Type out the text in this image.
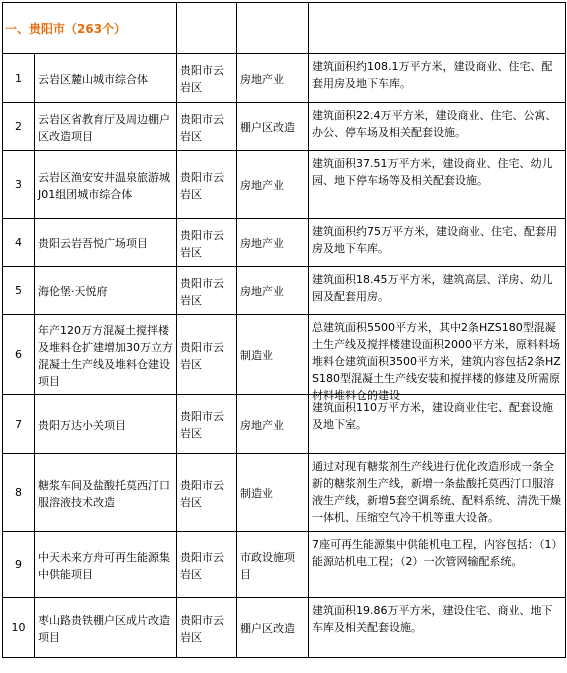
一、贵阳市（263个）				
1	云岩区麓山城市综合体	贵阳市云岩区	房地产业	建筑面积约108.1万平方米，建设商业、住宅、配套用房及地下车库。
2	云岩区省教育厅及周边棚户区改造项目	贵阳市云岩区	棚户区改造	建筑面积22.4万平方米，建设商业、住宅、公寓、办公、停车场及相关配套设施。
3	云岩区渔安安井温泉旅游城J01组团城市综合体	贵阳市云岩区	房地产业	建筑面积37.51万平方米，建设商业、住宅、幼儿园、地下停车场等及相关配套设施。
4	贵阳云岩吾悦广场项目	贵阳市云岩区	房地产业	建筑面积约75万平方米，建设商业、住宅、配套用房及地下车库。
5	海伦堡·天悦府	贵阳市云岩区	房地产业	建筑面积18.45万平方米，建筑高层、洋房、幼儿园及配套用房。
6	年产120万方混凝土搅拌楼及堆料仓扩建增加30万立方混凝土生产线及堆料仓建设项目	贵阳市云岩区	制造业	总建筑面积5500平方米，其中2条HZS180型混凝土生产线及搅拌楼建设面积2000平方米，原料料场堆料仓建筑面积3500平方米，建筑内容包括2条HZS180型混凝土生产线安装和搅拌楼的修建及所需原材料堆料仓的建设

7	贵阳万达小关项目	贵阳市云岩区	房地产业	建筑面积110万平方米，建设商业住宅、配套设施及地下室。
8	糖浆车间及盐酸托莫西汀口服溶液技术改造	贵阳市云岩区	制造业	通过对现有糖浆剂生产线进行优化改造形成一条全新的糖浆剂生产线，新增一条盐酸托莫西汀口服溶液生产线，新增5套空调系统、配料系统、清洗干燥一体机、压缩空气冷干机等重大设备。

9	中天未来方舟可再生能源集中供能项目	贵阳市云岩区	市政设施项目	7座可再生能源集中供能机电工程，内容包括：（1）能源站机电工程；（2）一次管网输配系统。
10	枣山路贵铁棚户区成片改造项目	贵阳市云岩区	棚户区改造	建筑面积19.86万平方米，建设住宅、商业、地下车库及相关配套设施。
